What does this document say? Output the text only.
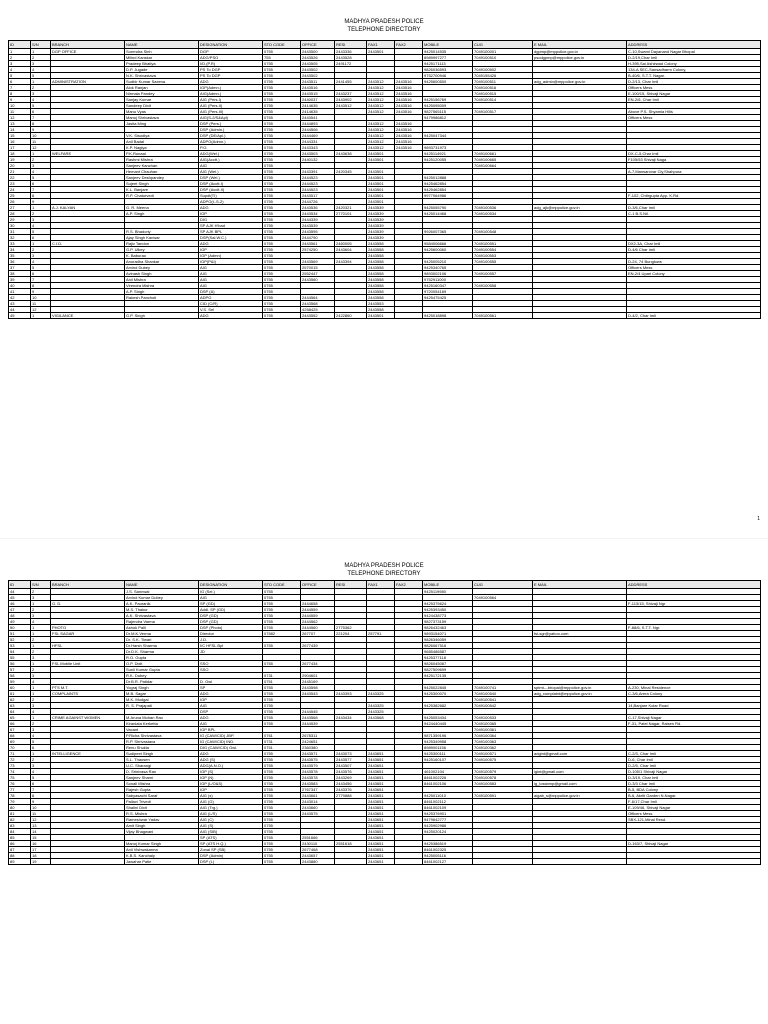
MADHYA PRADESH POLICE
TELEPHONE DIRECTORY
ID	S/N	BRANCH	NAME	DESIGNATION	STD CODE	OFFICE	RESI	FAX1	FAX2	MOBILE	CUG	E MAIL	ADDRESS
1	1	DGP OFFICE	Surendra Sinh	DGP	0755	2443500	2443336	2443501		9425014535	7049100001	dgpmp@mppolice.gov.in	C-10,Swami Dayanand Nagar Bhopal
2	2		Milind Kanskar	ADG/PSO	755	2443526	2443528			8989997277	7049100510	psodgpmp@mppolice.gov.in	D-2/19,Char Imli
3	3		Pradeep Bhatiya	I/D.(P.R)	0755	2443505	2491172			9425171113			H-395,Sai Ashirwad Colony
4	4		D.P. Jugade	PS To DGP	0755	2443502				9826036593	7049100502		134-A SEC-Sansadharm Colony,
5	5		N.K. Shrivastava	PS To DGP	0755	2443502				9752700946	7049155426		B-40/6, S.T.T. Nagar.
6	1	ADMINISTRATION	Sudhir Kumar Saxena	ADG	0755	2443511	2441455	2443512	2443516	9425600500	7049100511	adg_admin@mppolice.gov.in	D-2/13, Char Imli
7	2		Alok Ranjan	IGP(Admn.)	0755	2443516		2443512	2443516		7049100516		Officers Mess
8	3		Nirmala Pandey	AIG(Admn.)	0755	2443515	2443237	2443512	2443516		7049100515		E-100/15, Shivaji Nagar
9	4		Sanjay Kumar	AIG (Pers.I)	0755	2440037	2443902	2443512	2443516	9425156769	7049100514		EN-2/6, Char Imli
10	5		Sandeep Dixit	AIG (Pers.II)	0755	2414635	2443512	2443512	2443516	9425095009			
11	6		Manu Vyas	AIG (Pers.III)	0755	2414635		2443512	2443516	9827565115	7049100517		Above P.S. Shyamla Hills
12	7		Manoj Shrivastava	AIG(S-2/S&Apl)	0755	2443541				9479986812			Officers Mess
13	8		Jasita Ming	DSP (Pers.)	0755	2444893		2443512	2443516				
14	9			DSP (Admin.)	0755	2444506		2443512	2443516				
15	10		V.K. Sisodiya	DSP (DE/Apl.)	0755	2444469		2443512	2443516	9425047344			
16	11		Anil Badal	ADPO(Admn.)	0755	2444331		2443512	2443516				
17	12		K.P. Nagiya	P.O.	0755	2443343		2443512	2443516	9893731973			
18	1	WELFARE	P.K.Runaal	ADG(Wel.)	0755	2443503	2443638	2443501		9425114921	7049100661		DX-C-5,Char Imli
19	2		Rashmi Mishra	AIG(Acctt.)	0755	2440132		2443501		9425120055	7049100665		F105/53 Shivaji Naga
20	3		Sanjeev Kanchan	AIG	0755						7049100664		
21	4		Hemant Chauhan	AIG (Wel.)	0755	2443391	2420345	2443501					A-7,Mansarovar Cly,Shahpura
22	5		Sanjeev Deshpandey	DSP (Wel.)	0755	2444523		2443501		9425012888			
23	6		Sujeet Singh	DSP (Acctt.I)	0755	2444523		2443501		9425462854			
24	7		K.L. Banjare	DSP (Acctt.II)	0755	2444523		2443501		9425462854			
25	8		R.P. Chaturvedi	Supdt(TI)	0755	2443517		2443501		9977064986			F-102, Chitrgupta App. K.Rd.
26	9			ADPO(L.S-2)	0755	2444726		2443501					
27	1	A.J. KALYAN	G. R. Meena	ADG	0755	2443536	2420321	2443539		9425055790	7049100536	adg_ajk@mppolice.gov.in	D-3/6,Char Imli
28	2		A.P. Singh	IGP	0755	2443534	2770101	2443539		9425014468	7049100534		C-1 B.S.Nil.
29	3			DIG	0755	2444339		2443539					
30	4			SP AJK H'bad	0755	2443539		2443539					
31	5		R.S. Bhadoriy	SP AJK BPL	0755	2443595		2443539		9926007365	7049100548		
32	6		Ajay Singh Kanwar	DSP(Sal.W.C.)	0755	2444790		2443539					
33	1	C.I.D.	Rajiv Tandon	ADG	0755	2443561	2460005	2443558		9584006666	7049100551		DX2-3A, Char Imli
34	2		G.P. Ulkey	IGP	0755	2574250	2443604	2443558		9425600060	7049100554		D-4/6 Char Imli
35	3		K. Baburao	IGP (Admn)	0755			2443558			7049100553		
36	4		Anuradha Shankar	IGP(P&I)	0755	2443569	2443394	2443558		9425005210	7049100555		D-24, 74 Bunglows
37	5		Arvind Dubey	AIG	0755	2570015		2443558		9425340765			Officers Mess
38	6		Avinash Singh	AIG	0755	2552447		2443558		9893002106	7049100557		EN-2/4 Upari Colony
39	7		Anil Mishra	AIG	0755	2443560		2443558		9752911000			
40	8		Virendra Mishra	AIG	0755			2443558		9425160347	7049100558		
41	9		A.P. Singh	DSP (A)	0755			2443558		9720054169			
42	10		Rakesh Panchoti	ADPO	0755	2444564		2443558		9425475425			
43	11			CID (C/R)	0755	2443568		2443553					
44	12			V.S. Sel	0755	4258425		2443558					
45	1	VIGILANCE	G.P. Singh	ADG	0755	2443552	2422860	2443501		9425018898	7049100561		D-4/2, Char Imli
1
MADHYA PRADESH POLICE
TELEPHONE DIRECTORY
ID	S/N	BRANCH	NAME	DESIGNATION	STD CODE	OFFICE	RESI	FAX1	FAX2	MOBILE	CUG	E MAIL	ADDRESS
44	2		J.S. Sannwal	IG (Sel.)	0755					9425119980			
45	3		Arvind Kumar Dubey	AIG	0755						7049100564		
46	1	G. D.	A.K. Pauranik	SP (GD)	0755	2444658				9425375624			F-113/15, Shivaji Ngr
47	2		M.S. Thakur	Addl. SP (GD)	0755	2444559				9425393450			
48	3		A.K. Shrivastava	DSP (GD)	0755	2444559				9424438773			
49	4		Rajendra Varma	DSP (GD)	0755	2444562				9827373159			
50	1	PHOTO	Ashok Palli	DSP (Photo)	0755	2444560	2775362			9826432463			F-88/6, S.T.T. Ngr.
51	1	FSL SAGAR	Dr.M.K.Verma	Director	07582	267707	221204	257791		9893154071		fsl-sgr@yahoo.com	
52	2		Dr. S.K. Tiwari	J.D.						9826346059			
53	1	HFSL	Dr.Harsh Sharma	I/C HFSL Bpl	0755	2677439				9826067516			
54	2		Dr.D.K. Sharma	JD						9685486587			
55	3		R.O. Gupta							9425377118			
56	1	FSL Mobile Unit	O.P. Dixit	SSO	0755	2677434				9826045087			
57	2		Sunil Kumar Gupta	SSO						9827509699			
58	3		R.K. Dubey		0731	2904601				9425172135			
59	4		Dr.B.R. Patidar	D. Gwl	0751	2445169							
60	1	PTS M.T.	Yograj Singh	SP	0755	2443598				9425022845	7049100741	sptmt---bhopal@mppolice.gov.in	A-230, Minal Residence
61	1	COMPLAINTS	M.B. Sagar	ADG	0755	2443543	2443393	2443325		9425300070	7049100540	adg_complaint@mppolice.gov.in	C-3/6,Arera Colony
62	2		M.K. Mudgal	IGP	0755						7049100541		
63	3		R. S. Prajapati	AIG	0755			2443325		9425382682	7049100542		14,Banjare Kolar Road
64	4			DSP	0755	2444545		2443325					
65	1	CRIME AGAINST WOMEN	M.Aruna Mohan Rao	ADG	0755	2443568	2443434	2443568		9425053434	7049100533		C-17,Shivaji Nagar
66	2		Kiranlata Kerketta	AIG	0755	2444539				9424440445	7049100365		F-31, Patel Nagar, Raisen Rd.
67	3		Vacant	IGP BPL							7049100361		
68	4		P.Richa Shrivastava	IG (CAW/CID) JBP.	0761	2678311				9871359196	7049100364		
69	5		R.P. Shrivastava	IG (CAW/CID) IND.	0731	2424651				9425349958	7049100363		
70	6		Renu Shukla	DIG (CAW/CID) Gwl.	0751	2360380				8989001156	7049100362		
71	1	INTELLIGENCE	Sudipeet Singh	ADG	0755	2443571	2443073	2443651		9425300111	7049100571	adgint@gmail.com	C-2/3, Char Imli
72	2		S.L. Thaosen	ADG (S)	0755	2443575	2443577	2443651		9425160107	7049100575		D-6, Char Imli
73	3		U.C. Sharangi	ADG(A.N.O.)	0755	2443579	2443507	2443651					D-2/5, Char Imli
74	4		D. Srinivasa Rao	IGP (S)	0755	2443578	2443576	2443651		461002104	7049100579	igint@gmail.com	D-105/1 Shivaji Nagar
75	5		Sanjeev Shami	IGP (N)	0755	2443578	2443269	2443651		8461002226	7049100578		D-3/19, Char Imli
76	6		Sonali Mishra	IGP (L/O&S)	0755	2443583	2443456	2443651		8461002106	7049100583	ig_lossbmp@gmail.com	D-3/3 Char Imli
77	7		Rajesh Gupta	IGP	0755	2767347	2443376	2443651					B-5, BDA Colony
78	8		Sabyasachi Saraf	AIG (s)	0755	2443661	2779888	2443651		9425011010	7049100591	aigab_s@mppolice.gov.in	B-6, Akriti Garden N.Nagar.
79	9		Pallavi Trivedi	AIG (G)	0755	2443014		2443651		8461002112			F-6/17,Char Imli
80	10		Shalini Dixit	AIG (Trg.)	0755	2443660		2443651		8461002109			E-109/46, Shivaji Nagar
81	11		R.S. Mishra	AIG (L/S)	0755	2443575		2443651		9425376901			Officers Mess
82	12		Rameshwar Yadav	AIG (C)	0755			2443651		9479642777			SBX-121,Minal Resd.
83	13		Amit Singh	AIG (S)	0755			2443651		9425902986			
84	14		Vijay Bhagwani	AIG (SIB)	0755			2443651		9425020124			
85	15			SP (ATS)	0755	2551666		2443651					
86	16		Manoj Kumar Singh	SP (ATS H.Q.)	0755	2430110	2551618	2443651		9425386519			D-163/7, Shivaji Nagar
87	17		Anil Vishwakarma	Zonal SP (SB)	0755	2677468		2443651		8461002325			
88	18		K.B.S. Kanchaly	DSP (Admin)	0755	2443657		2443651		9425005116			
89	19		Jawahar Patle	DSP (L)	0755	2443880		2443651		8461002127			
